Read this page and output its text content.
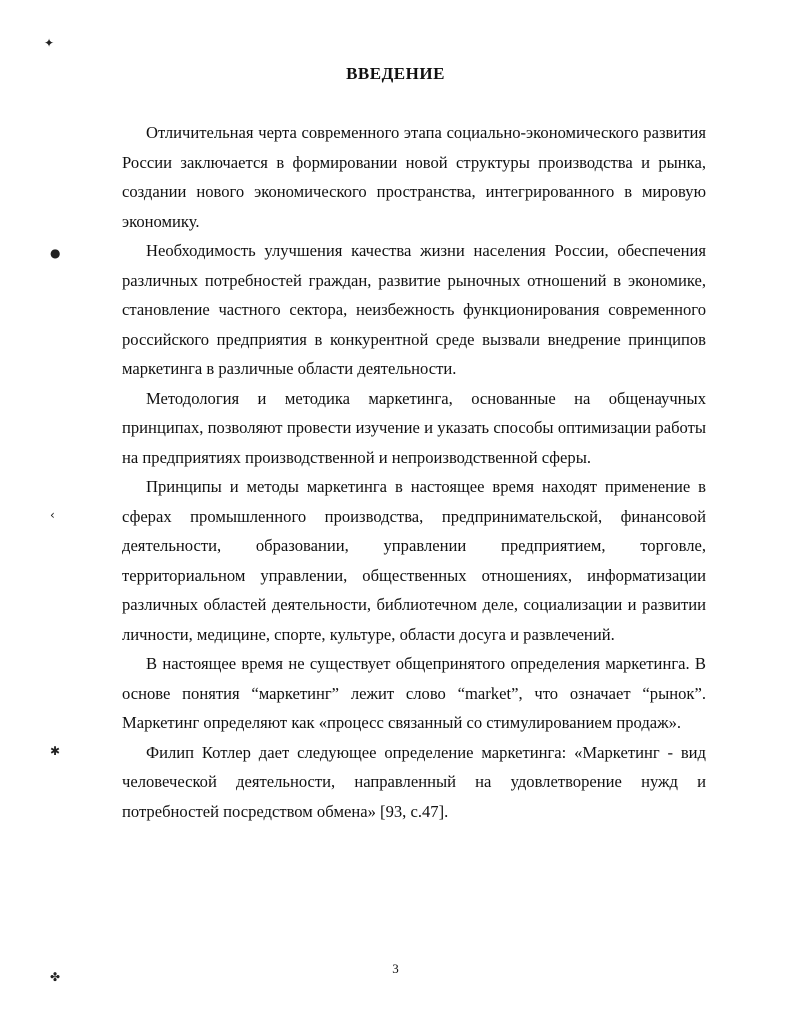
✦
●
‹
✱
✤
ВВЕДЕНИЕ

Отличительная черта современного этапа социально-экономического развития России заключается в формировании новой структуры производства и рынка, создании нового экономического пространства, интегрированного в мировую экономику.

Необходимость улучшения качества жизни населения России, обеспечения различных потребностей граждан, развитие рыночных отношений в экономике, становление частного сектора, неизбежность функционирования современного российского предприятия в конкурентной среде вызвали внедрение принципов маркетинга в различные области деятельности.

Методология и методика маркетинга, основанные на общенаучных принципах, позволяют провести изучение и указать способы оптимизации работы на предприятиях производственной и непроизводственной сферы.

Принципы и методы маркетинга в настоящее время находят применение в сферах промышленного производства, предпринимательской, финансовой деятельности, образовании, управлении предприятием, торговле, территориальном управлении, общественных отношениях, информатизации различных областей деятельности, библиотечном деле, социализации и развитии личности, медицине, спорте, культуре, области досуга и развлечений.

В настоящее время не существует общепринятого определения маркетинга. В основе понятия “маркетинг” лежит слово “market”, что означает “рынок”. Маркетинг определяют как «процесс связанный со стимулированием продаж».

Филип Котлер дает следующее определение маркетинга: «Маркетинг - вид человеческой деятельности, направленный на удовлетворение нужд и потребностей посредством обмена» [93, с.47].

3
